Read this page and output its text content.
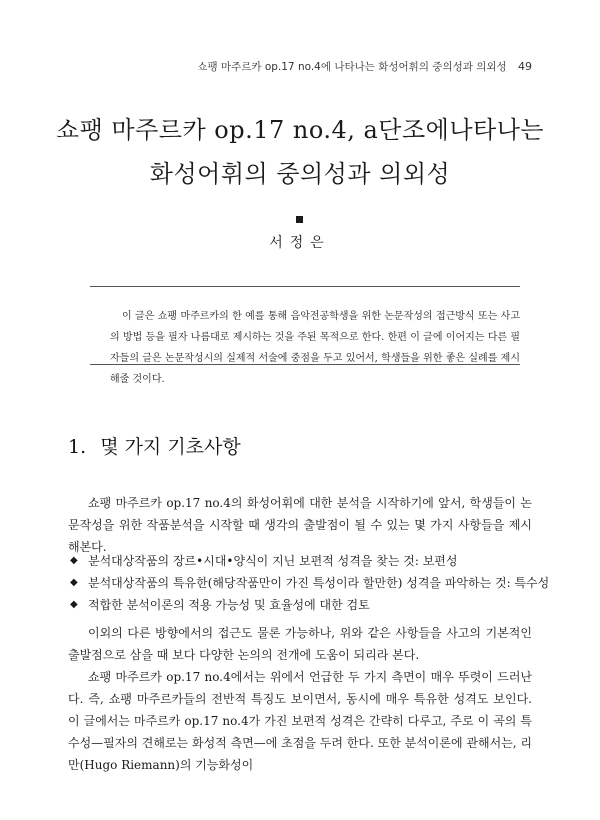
쇼팽 마주르카 op.17 no.4에 나타나는 화성어휘의 중의성과 의외성 49
쇼팽 마주르카 op.17 no.4, a단조에나타나는
화성어휘의 중의성과 의외성
서정은

이 글은 쇼팽 마주르카의 한 예를 통해 음악전공학생을 위한 논문작성의 접근방식 또는 사고의 방법 등을 필자 나름대로 제시하는 것을 주된 목적으로 한다. 한편 이 글에 이어지는 다른 필자들의 글은 논문작성시의 실제적 서술에 중점을 두고 있어서, 학생들을 위한 좋은 실례를 제시해줄 것이다.

1. 몇 가지 기초사항

쇼팽 마주르카 op.17 no.4의 화성어휘에 대한 분석을 시작하기에 앞서, 학생들이 논문작성을 위한 작품분석을 시작할 때 생각의 출발점이 될 수 있는 몇 가지 사항들을 제시해본다.

◆ 분석대상작품의 장르•시대•양식이 지닌 보편적 성격을 찾는 것: 보편성
◆ 분석대상작품의 특유한(해당작품만이 가진 특성이라 할만한) 성격을 파악하는 것: 특수성
◆ 적합한 분석이론의 적용 가능성 및 효율성에 대한 검토

이외의 다른 방향에서의 접근도 물론 가능하나, 위와 같은 사항들을 사고의 기본적인 출발점으로 삼을 때 보다 다양한 논의의 전개에 도움이 되리라 본다.

쇼팽 마주르카 op.17 no.4에서는 위에서 언급한 두 가지 측면이 매우 뚜렷이 드러난다. 즉, 쇼팽 마주르카들의 전반적 특징도 보이면서, 동시에 매우 특유한 성격도 보인다. 이 글에서는 마주르카 op.17 no.4가 가진 보편적 성격은 간략히 다루고, 주로 이 곡의 특수성—필자의 견해로는 화성적 측면—에 초점을 두려 한다. 또한 분석이론에 관해서는, 리만(Hugo Riemann)의 기능화성이
